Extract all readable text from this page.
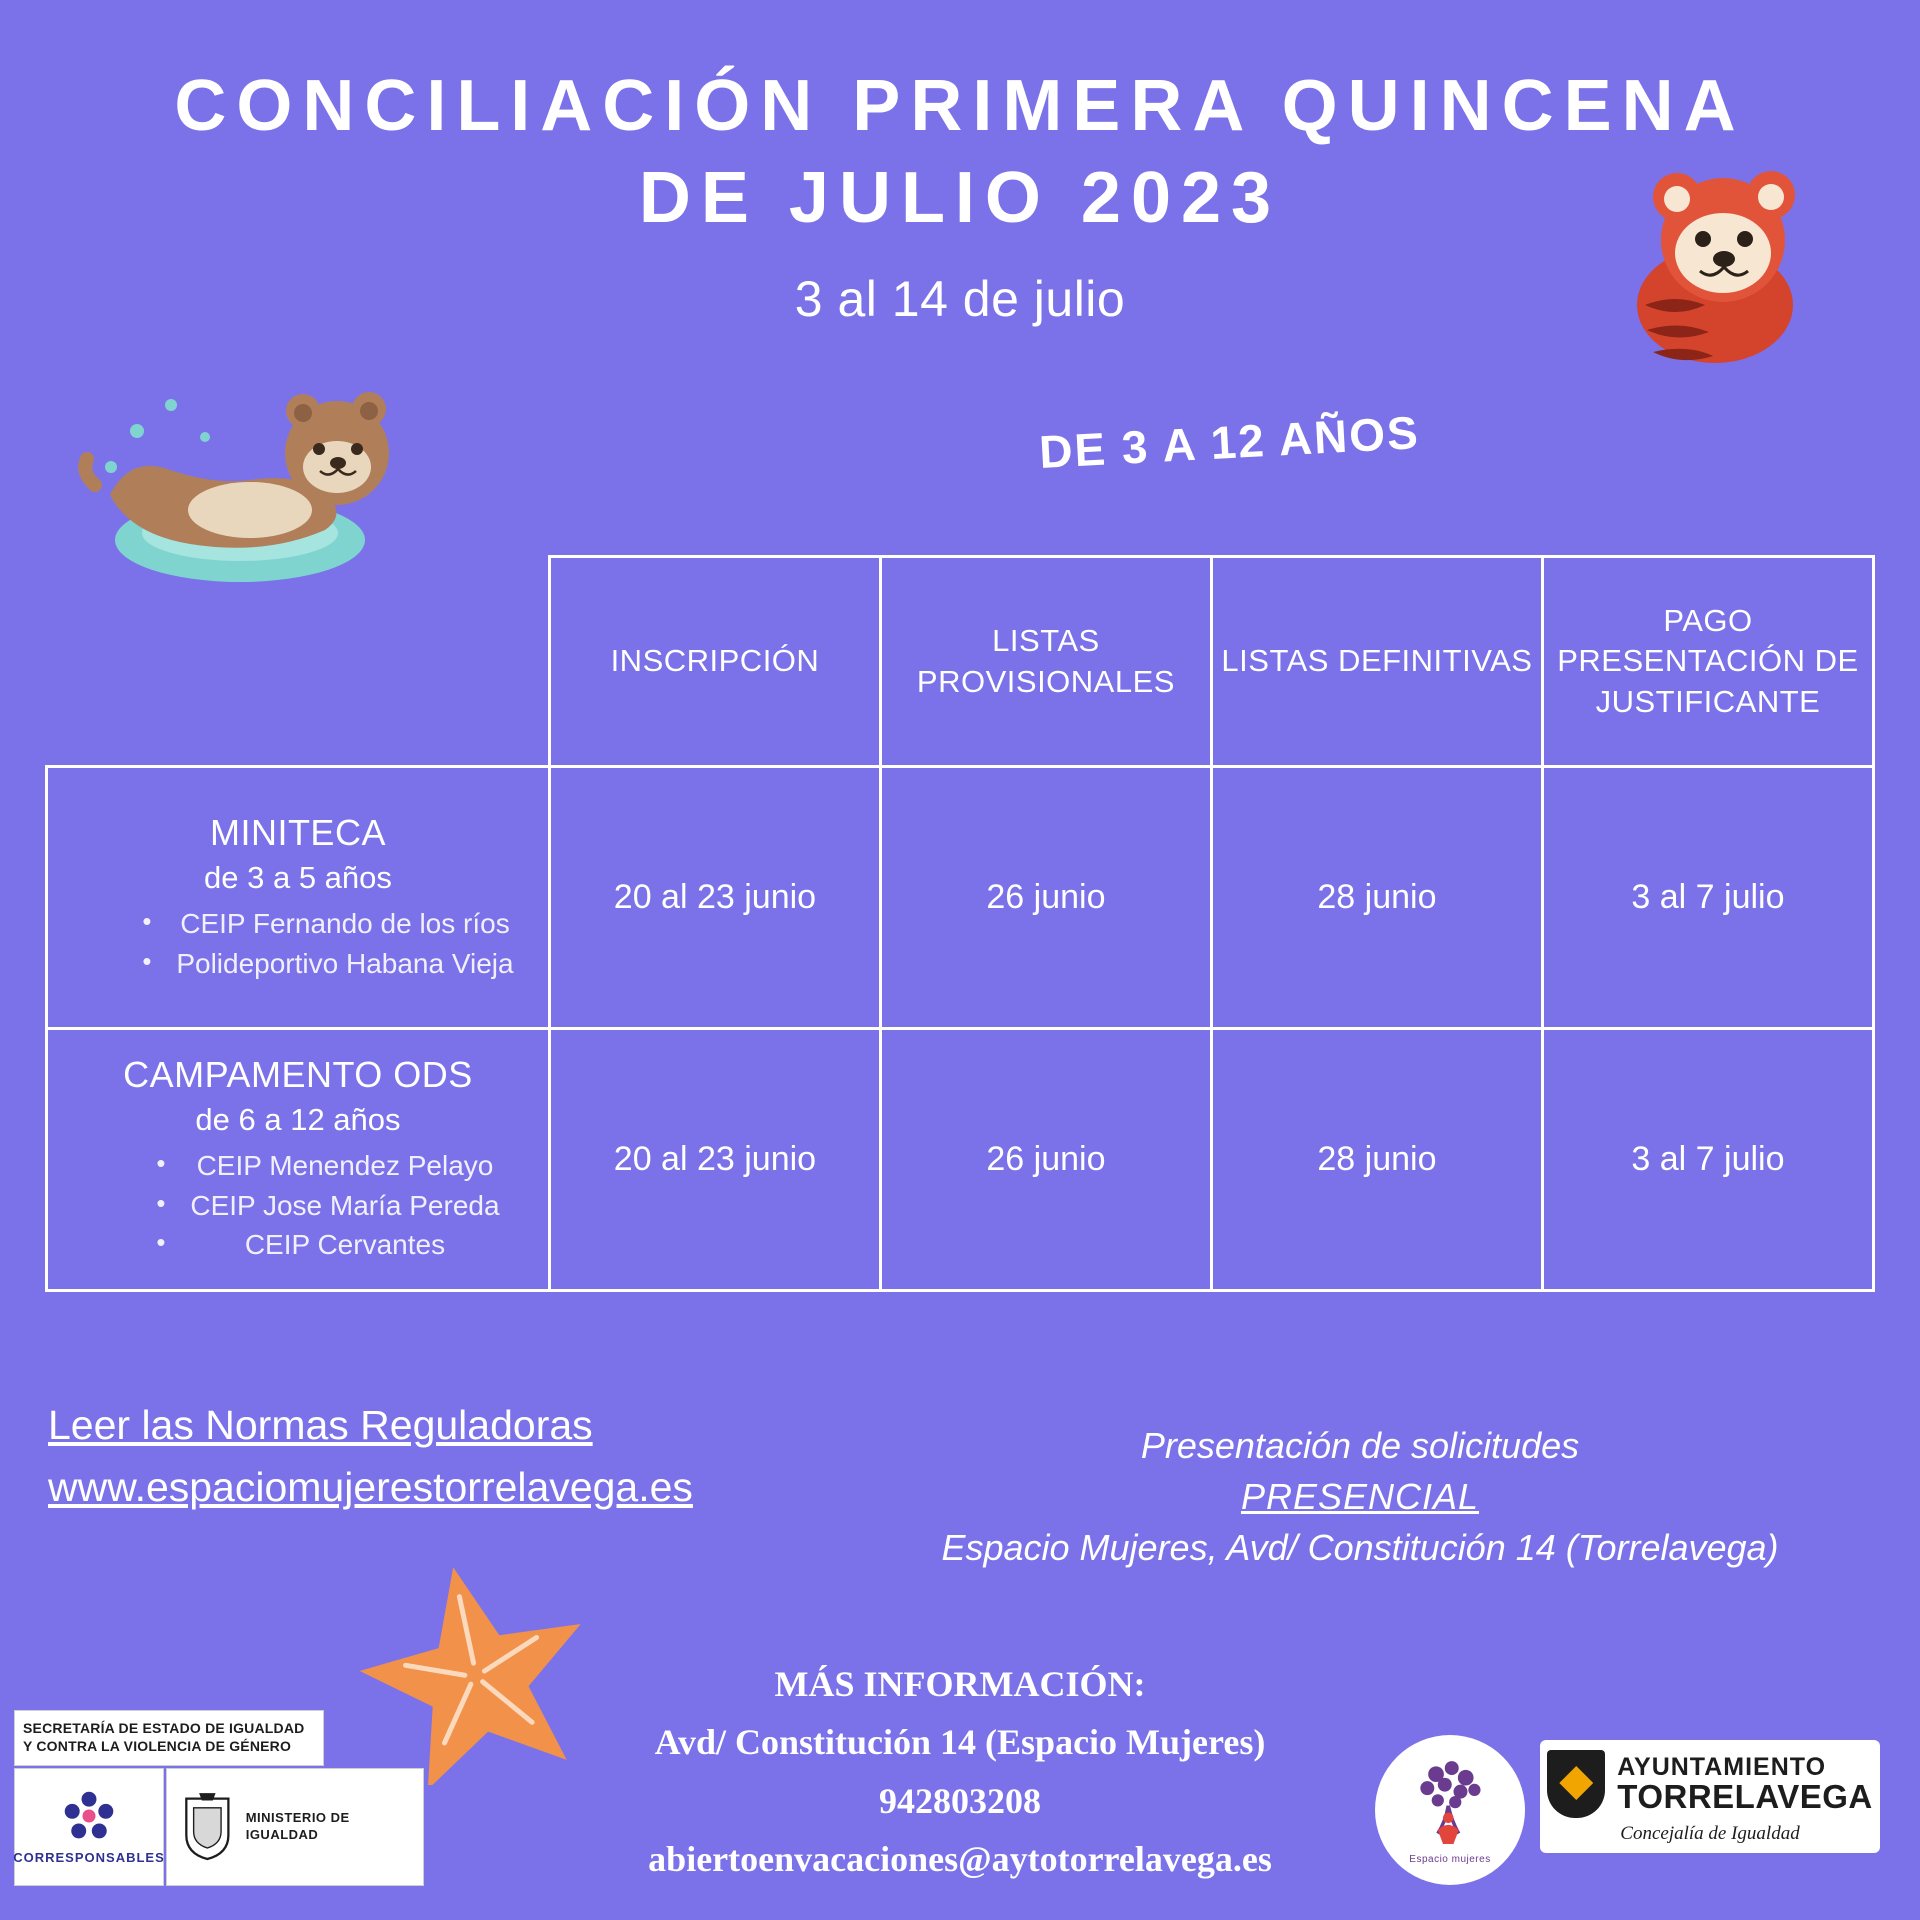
CONCILIACIÓN PRIMERA QUINCENA DE JULIO 2023
3 al 14 de julio
DE 3 A 12 AÑOS
	INSCRIPCIÓN	LISTAS PROVISIONALES	LISTAS DEFINITIVAS	PAGO PRESENTACIÓN DE JUSTIFICANTE

MINITECA
de 3 a 5 años
• CEIP Fernando de los ríos
• Polideportivo Habana Vieja
	20 al 23 junio	26 junio	28 junio	3 al 7 julio

CAMPAMENTO ODS
de 6 a 12 años
• CEIP Menendez Pelayo
• CEIP Jose María Pereda
• CEIP Cervantes
	20 al 23 junio	26 junio	28 junio	3 al 7 julio
Leer las Normas Reguladoras
www.espaciomujerestorrelavega.es
Presentación de solicitudes
PRESENCIAL
Espacio Mujeres, Avd/ Constitución 14 (Torrelavega)
MÁS INFORMACIÓN:
Avd/ Constitución 14 (Espacio Mujeres)
942803208
abiertoenvacaciones@aytotorrelavega.es
SECRETARÍA DE ESTADO DE IGUALDAD Y CONTRA LA VIOLENCIA DE GÉNERO
CORRESPONSABLES
MINISTERIO DE IGUALDAD
Espacio mujeres
AYUNTAMIENTO
TORRELAVEGA
Concejalía de Igualdad
